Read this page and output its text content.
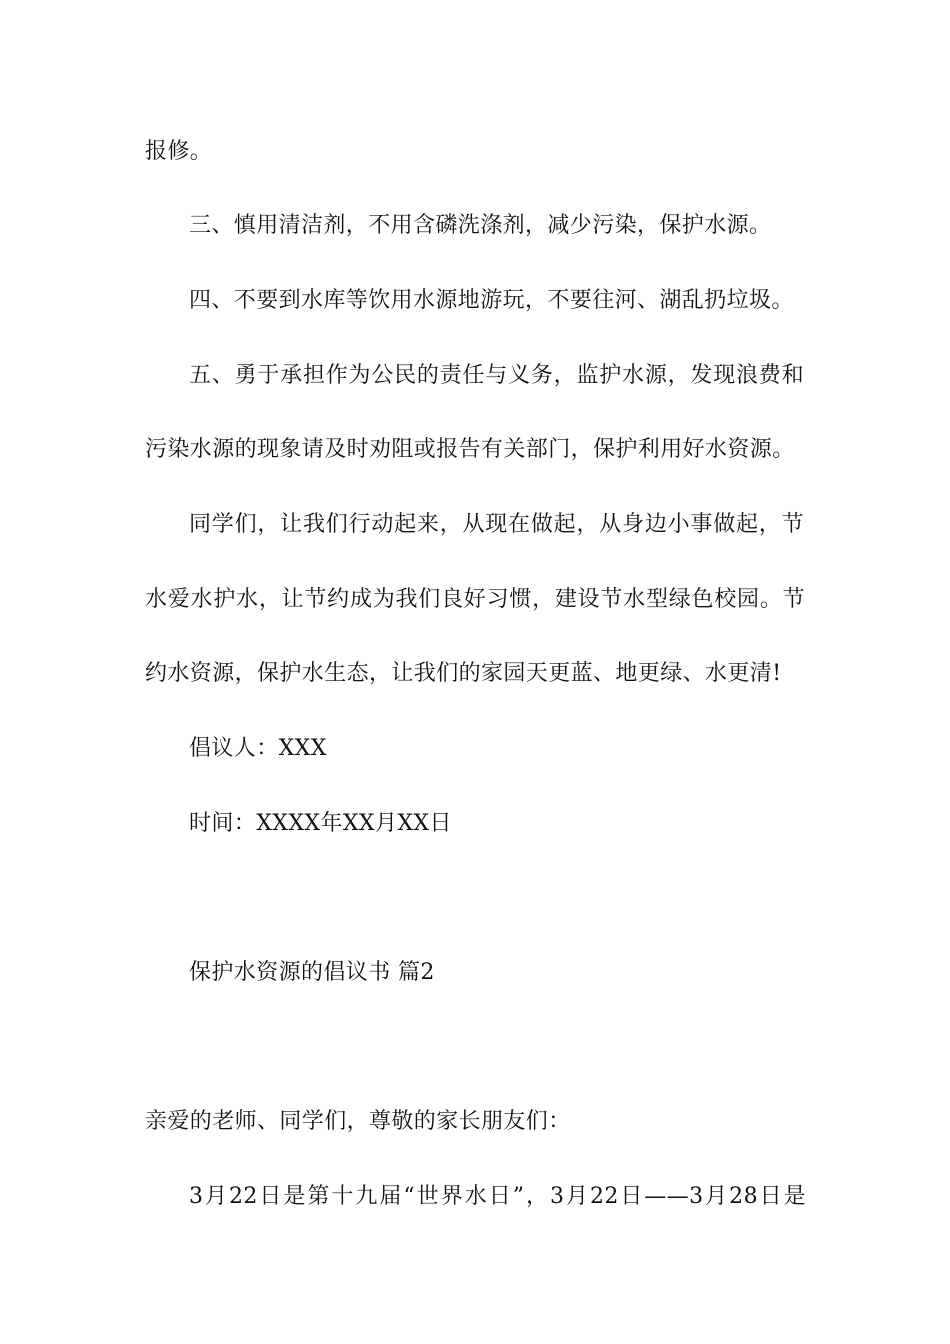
报修。
三、慎用清洁剂，不用含磷洗涤剂，减少污染，保护水源。
四、不要到水库等饮用水源地游玩，不要往河、湖乱扔垃圾。
五、勇于承担作为公民的责任与义务，监护水源，发现浪费和
污染水源的现象请及时劝阻或报告有关部门，保护利用好水资源。
同学们，让我们行动起来，从现在做起，从身边小事做起，节
水爱水护水，让节约成为我们良好习惯，建设节水型绿色校园。节
约水资源，保护水生态，让我们的家园天更蓝、地更绿、水更清!
倡议人：XXX
时间：XXXX年XX月XX日
保护水资源的倡议书 篇2
亲爱的老师、同学们，尊敬的家长朋友们：
3月22日是第十九届“世界水日”，3月22日——3月28日是
